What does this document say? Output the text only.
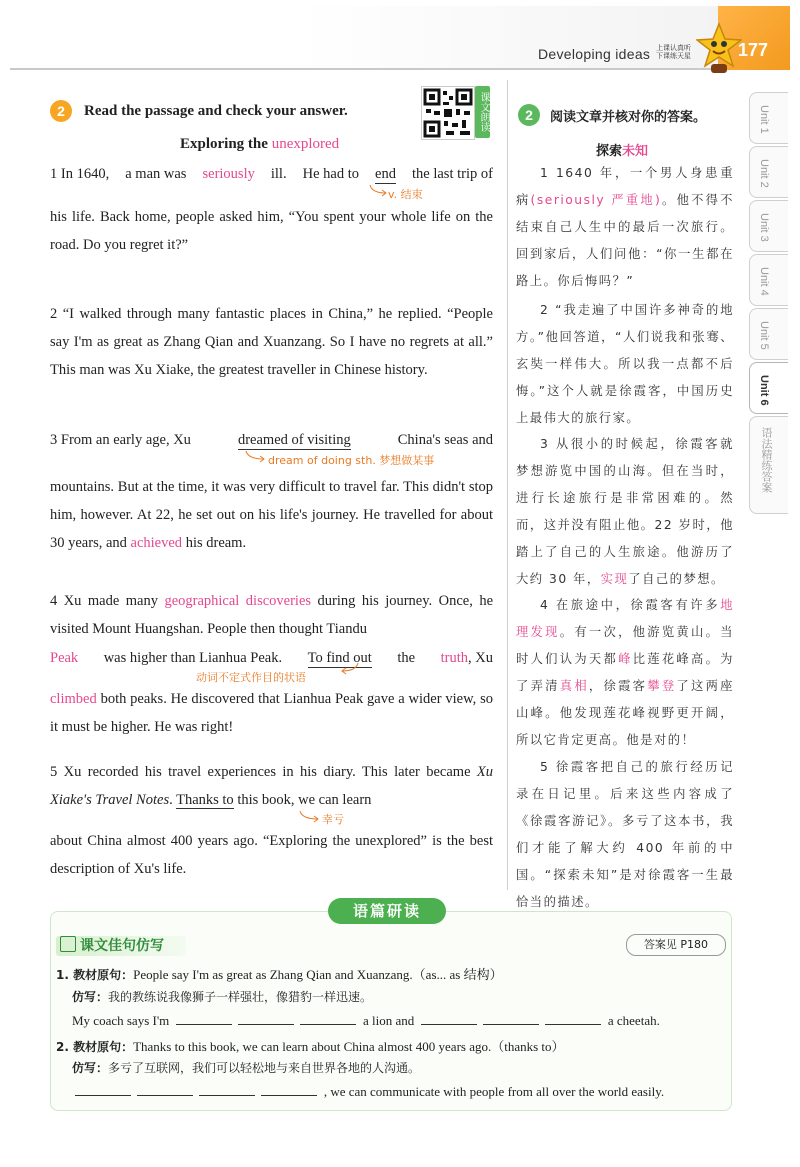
Developing ideas 上课认真听
下课练天星	177
2	Read the passage and check your answer.	课文朗读
Exploring the unexplored
1 In 1640, a man was seriously ill. He had to end the last trip of
v. 结束
his life. Back home, people asked him, “You spent your whole life on the road. Do you regret it?”
2 “I walked through many fantastic places in China,” he replied. “People say I'm as great as Zhang Qian and Xuanzang. So I have no regrets at all.” This man was Xu Xiake, the greatest traveller in Chinese history.
3 From an early age, Xu	dreamed of visiting	China's seas and
dream of doing sth. 梦想做某事
mountains. But at the time, it was very difficult to travel far. This didn't stop him, however. At 22, he set out on his life's journey. He travelled for about 30 years, and achieved his dream.
4 Xu made many geographical discoveries during his journey. Once, he visited Mount Huangshan. People then thought Tiandu
Peak was higher than Lianhua Peak. To find out the truth, Xu
动词不定式作目的状语
climbed both peaks. He discovered that Lianhua Peak gave a wider view, so it must be higher. He was right!
5 Xu recorded his travel experiences in his diary. This later became Xu Xiake's Travel Notes. Thanks to this book, we can learn
幸亏
about China almost 400 years ago. “Exploring the unexplored” is the best description of Xu's life.
2	阅读文章并核对你的答案。
探索未知
1 1640 年，一个男人身患重病(seriously 严重地)。他不得不结束自己人生中的最后一次旅行。回到家后，人们问他：“你一生都在路上。你后悔吗？”
2 “我走遍了中国许多神奇的地方。”他回答道，“人们说我和张骞、玄奘一样伟大。所以我一点都不后悔。”这个人就是徐霞客，中国历史上最伟大的旅行家。
3 从很小的时候起，徐霞客就梦想游览中国的山海。但在当时，进行长途旅行是非常困难的。然而，这并没有阻止他。22 岁时，他踏上了自己的人生旅途。他游历了大约 30 年，实现了自己的梦想。
4 在旅途中，徐霞客有许多地理发现。有一次，他游览黄山。当时人们认为天都峰比莲花峰高。为了弄清真相，徐霞客攀登了这两座山峰。他发现莲花峰视野更开阔，所以它肯定更高。他是对的！
5 徐霞客把自己的旅行经历记录在日记里。后来这些内容成了《徐霞客游记》。多亏了这本书，我们才能了解大约 400 年前的中国。“探索未知”是对徐霞客一生最恰当的描述。
Unit 1
Unit 2
Unit 3
Unit 4
Unit 5
Unit 6
语法精练答案
语篇研读
课文佳句仿写	答案见 P180
1. 教材原句：People say I'm as great as Zhang Qian and Xuanzang.（as... as 结构）
仿写：我的教练说我像狮子一样强壮，像猎豹一样迅速。
My coach says I'm	a lion and	a cheetah.
2. 教材原句：Thanks to this book, we can learn about China almost 400 years ago.（thanks to）
仿写：多亏了互联网，我们可以轻松地与来自世界各地的人沟通。
, we can communicate with people from all over the world easily.
